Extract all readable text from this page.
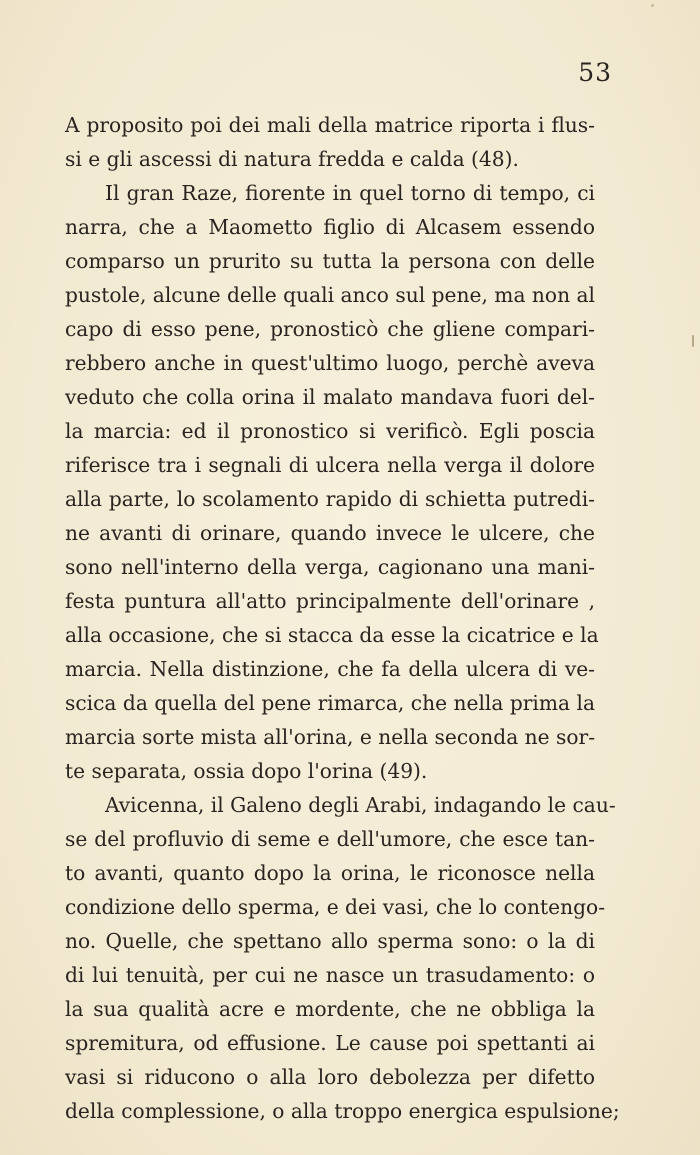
53
A proposito poi dei mali della matrice riporta i flus-
si e gli ascessi di natura fredda e calda (48).
Il gran Raze, fiorente in quel torno di tempo, ci
narra, che a Maometto figlio di Alcasem essendo
comparso un prurito su tutta la persona con delle
pustole, alcune delle quali anco sul pene, ma non al
capo di esso pene, pronosticò che gliene compari-
rebbero anche in quest'ultimo luogo, perchè aveva
veduto che colla orina il malato mandava fuori del-
la marcia: ed il pronostico si verificò. Egli poscia
riferisce tra i segnali di ulcera nella verga il dolore
alla parte, lo scolamento rapido di schietta putredi-
ne avanti di orinare, quando invece le ulcere, che
sono nell'interno della verga, cagionano una mani-
festa puntura all'atto principalmente dell'orinare ,
alla occasione, che si stacca da esse la cicatrice e la
marcia. Nella distinzione, che fa della ulcera di ve-
scica da quella del pene rimarca, che nella prima la
marcia sorte mista all'orina, e nella seconda ne sor-
te separata, ossia dopo l'orina (49).
Avicenna, il Galeno degli Arabi, indagando le cau-
se del profluvio di seme e dell'umore, che esce tan-
to avanti, quanto dopo la orina, le riconosce nella
condizione dello sperma, e dei vasi, che lo contengo-
no. Quelle, che spettano allo sperma sono: o la di
di lui tenuità, per cui ne nasce un trasudamento: o
la sua qualità acre e mordente, che ne obbliga la
spremitura, od effusione. Le cause poi spettanti ai
vasi si riducono o alla loro debolezza per difetto
della complessione, o alla troppo energica espulsione;
